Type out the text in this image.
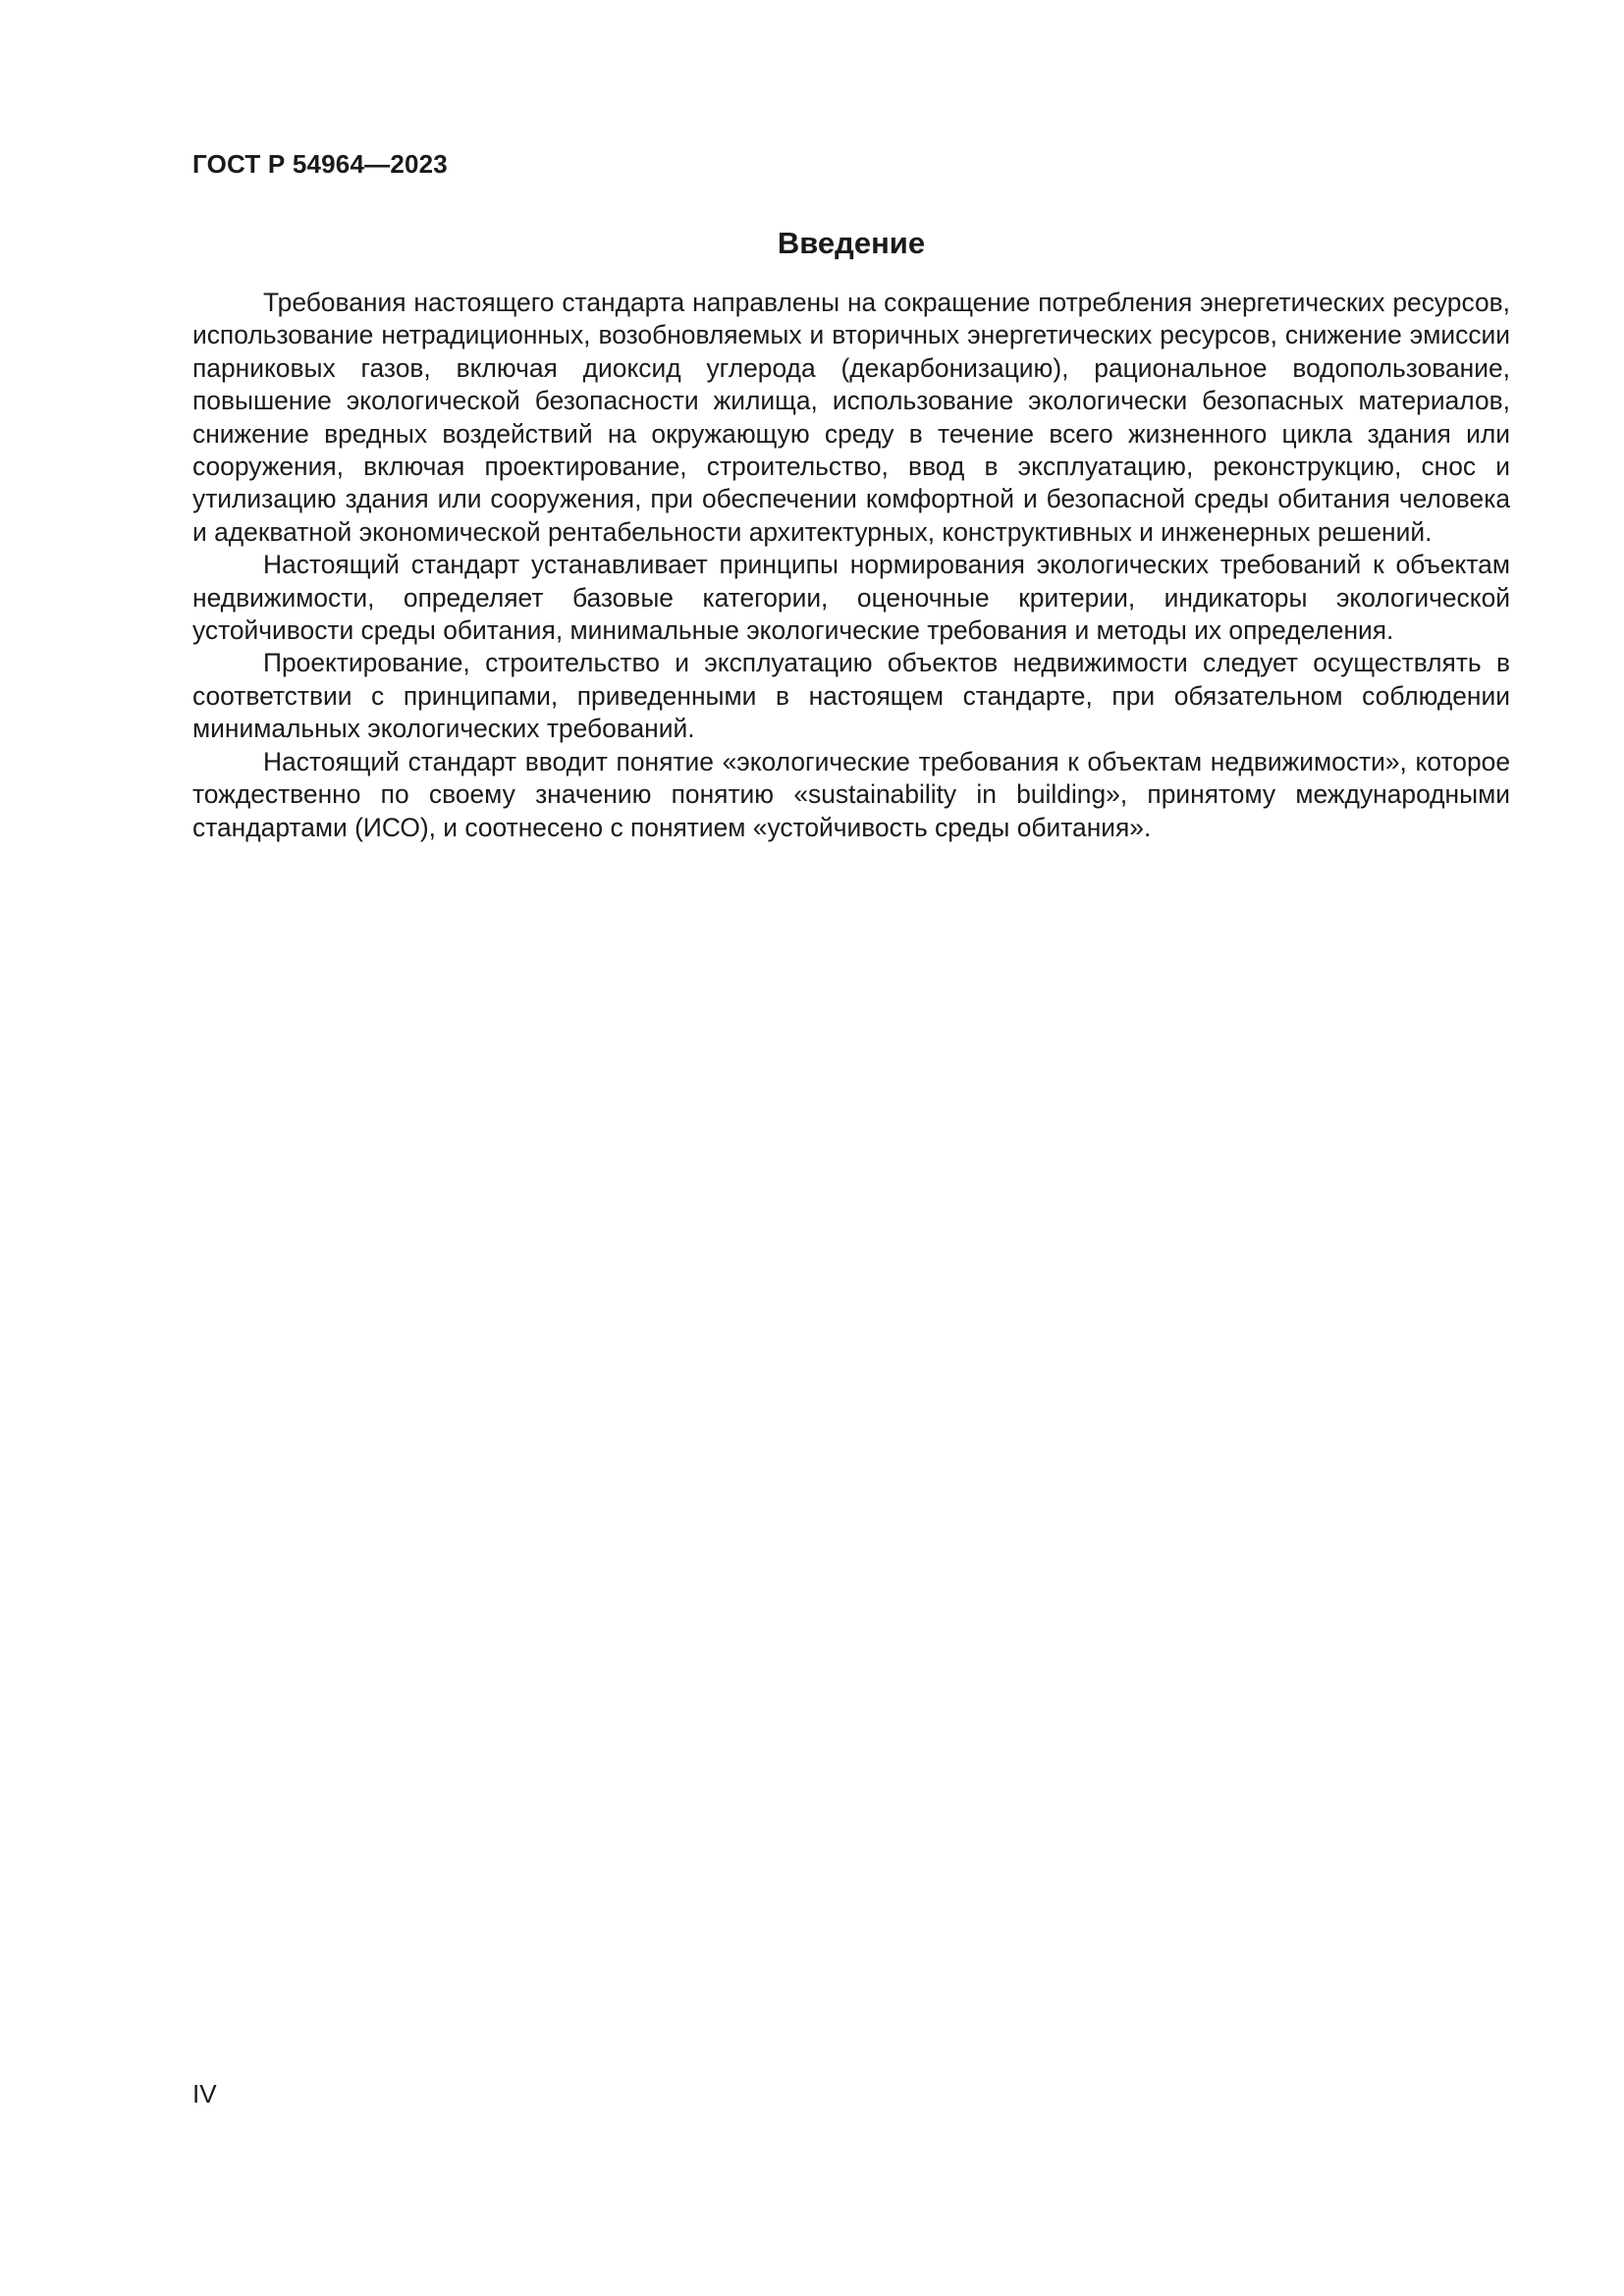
ГОСТ Р 54964—2023
Введение

Требования настоящего стандарта направлены на сокращение потребления энергетических ресурсов, использование нетрадиционных, возобновляемых и вторичных энергетических ресурсов, снижение эмиссии парниковых газов, включая диоксид углерода (декарбонизацию), рациональное водопользование, повышение экологической безопасности жилища, использование экологически безопасных материалов, снижение вредных воздействий на окружающую среду в течение всего жизненного цикла здания или сооружения, включая проектирование, строительство, ввод в эксплуатацию, реконструкцию, снос и утилизацию здания или сооружения, при обеспечении комфортной и безопасной среды обитания человека и адекватной экономической рентабельности архитектурных, конструктивных и инженерных решений.

Настоящий стандарт устанавливает принципы нормирования экологических требований к объектам недвижимости, определяет базовые категории, оценочные критерии, индикаторы экологической устойчивости среды обитания, минимальные экологические требования и методы их определения.

Проектирование, строительство и эксплуатацию объектов недвижимости следует осуществлять в соответствии с принципами, приведенными в настоящем стандарте, при обязательном соблюдении минимальных экологических требований.

Настоящий стандарт вводит понятие «экологические требования к объектам недвижимости», которое тождественно по своему значению понятию «sustainability in building», принятому международными стандартами (ИСО), и соотнесено с понятием «устойчивость среды обитания».

IV
